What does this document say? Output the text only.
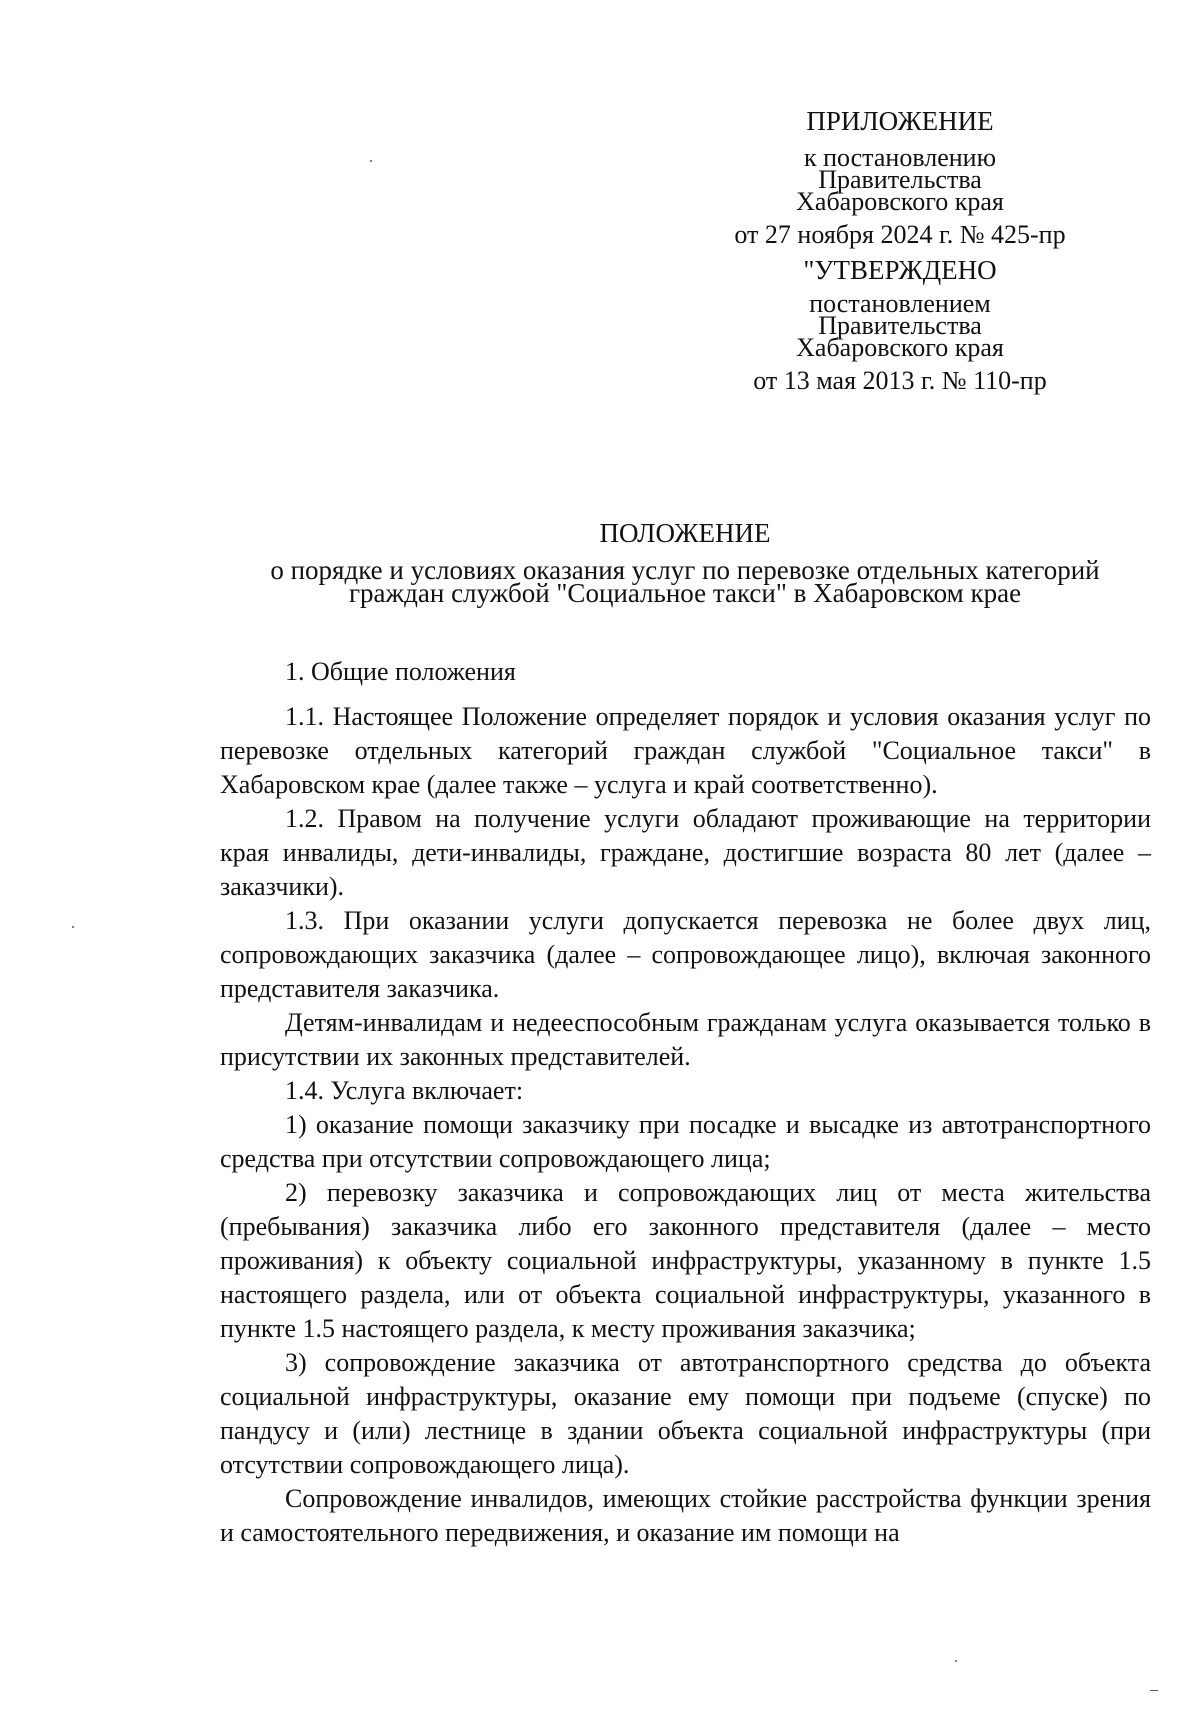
ПРИЛОЖЕНИЕ
к постановлению
Правительства
Хабаровского края
от 27 ноября 2024 г. № 425-пр
"УТВЕРЖДЕНО
постановлением
Правительства
Хабаровского края
от 13 мая 2013 г. № 110-пр
ПОЛОЖЕНИЕ
о порядке и условиях оказания услуг по перевозке отдельных категорий
граждан службой "Социальное такси" в Хабаровском крае
1. Общие положения

1.1. Настоящее Положение определяет порядок и условия оказания услуг по перевозке отдельных категорий граждан службой "Социальное такси" в Хабаровском крае (далее также – услуга и край соответственно).

1.2. Правом на получение услуги обладают проживающие на территории края инвалиды, дети-инвалиды, граждане, достигшие возраста 80 лет (далее – заказчики).

1.3. При оказании услуги допускается перевозка не более двух лиц, сопровождающих заказчика (далее – сопровождающее лицо), включая законного представителя заказчика.

Детям-инвалидам и недееспособным гражданам услуга оказывается только в присутствии их законных представителей.

1.4. Услуга включает:

1) оказание помощи заказчику при посадке и высадке из автотранспортного средства при отсутствии сопровождающего лица;

2) перевозку заказчика и сопровождающих лиц от места жительства (пребывания) заказчика либо его законного представителя (далее – место проживания) к объекту социальной инфраструктуры, указанному в пункте 1.5 настоящего раздела, или от объекта социальной инфраструктуры, указанного в пункте 1.5 настоящего раздела, к месту проживания заказчика;

3) сопровождение заказчика от автотранспортного средства до объекта социальной инфраструктуры, оказание ему помощи при подъеме (спуске) по пандусу и (или) лестнице в здании объекта социальной инфраструктуры (при отсутствии сопровождающего лица).

Сопровождение инвалидов, имеющих стойкие расстройства функции зрения и самостоятельного передвижения, и оказание им помощи на
